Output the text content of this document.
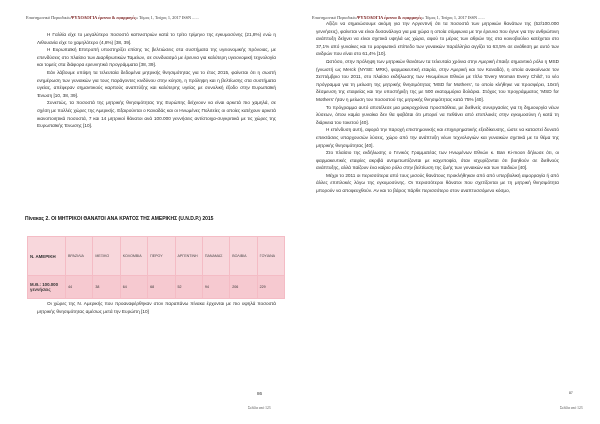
Επιστημονικό Περιοδικό«ΨΥΧΟΛΟΓΙΑ έρευνα & εφαρμογές» Τόμος 1, Τεύχος 1, 2017 ISSN ......

Η Γαλλία είχε το μεγαλύτερο ποσοστό καπνιστριών κατά το τρίτο τρίμηνο της εγκυμοσύνης (21,8%) ενώ η Λιθουανία είχε το χαμηλότερο (4,8%) [38, 39].

Η Ευρωπαϊκή Επιτροπή υποστηρίζει επίσης τις βελτιώσεις στα συστήματα της υγειονομικής πρόνοιας, με επενδύσεις στο πλαίσιο των Διαρθρωτικών Ταμείων, σε συνδυασμό με έρευνα για καλύτερη υγειονομική τεχνολογία και τομείς στα διάφορα ερευνητικά προγράμματα [38, 39].

Εάν λάβουμε υπόψη τα τελευταία δεδομένα μητρικής θνησιμότητας για το έτος 2015, φαίνεται ότι η σωστή ενημέρωση των γυναικών για τους παράγοντες κινδύνου στην κύηση, η πρόληψη και η βελτίωσης στα συστήματα υγείας, απέφεραν σημαντικούς καρπούς αναπτύξης και καλύτερης υγείας με συνολική έξοδο στην Ευρωπαϊκή Ένωση [10, 38, 39].

Συνεπώς, τα ποσοστά της μητρικής θνησιμότητας της Ευρώπης δείχνουν να είναι αρκετά πιο χαμηλά, σε σχέση με πολλές χώρες της Αμερικής. Εξαιρούνται ο Καναδάς και οι Ηνωμένες Πολιτείες οι οποίες κατέχουν αρκετά ικανοποιητικά ποσοστά, 7 και 14 μητρικοί θάνατοι ανά 100.000 γεννήσεις αντίστοιχα-συγκριτικά με τις χώρες της Ευρωπαϊκής Ένωσης [10].

Πίνακας 2. ΟΙ ΜΗΤΡΙΚΟΙ ΘΑΝΑΤΟΙ ΑΝΑ ΚΡΑΤΟΣ ΤΗΣ ΑΜΕΡΙΚΗΣ (U.N.D.P.) 2015
Ν. ΑΜΕΡΙΚΗ	ΒΡΑΖΙΛΙΑ	ΜΕΞΙΚΟ	ΚΟΛΟΜΒΙΑ	ΠΕΡΟΥ	ΑΡΓΕΝΤΙΝΗ	ΠΑΝΑΜΑΣ	ΒΟΛΙΒΙΑ	ΓΟΥΙΑΝΑ
Μ.Θ.: 100.000 γεννήσεις	44	38	64	68	52	94	206	229

Οι χώρες της Ν. Αμερικής που προαναφέρθηκαν στον παραπάνω πίνακα έρχονται με πιο υψηλά ποσοστά μητρικής θνησιμότητας αμέσως μετά την Ευρώπη [10]

86
Σελίδα από 123
Επιστημονικό Περιοδικό«ΨΥΧΟΛΟΓΙΑ έρευνα & εφαρμογές» Τόμος 1, Τεύχος 1, 2017 ISSN ......

Αξίζει να σημειώσουμε ακόμη για την Αργεντινή ότι τα ποσοστά των μητρικών θανάτων της (52/100.000 γεννήσεις), φαίνεται να είναι δυσανάλογα για μια χώρα η οποία σύμφωνα με την έρευνα που έγινε για την ανθρώπινη ανάπτυξη δείχνει να είναι σχετικά υψηλά ως χώρα, αφού το μέρος των αθρών της στα κοινοβούλιο κατέχεται στο 37,1% από γυναίκες και το μορφωτικό επίπεδο των γυναικών παράλληλα αγγίζει τα 63,5% σε ανάθεση με αυτό των ανδρών που είναι στο 61,4% [10].

Ωστόσο, στην πρόληψη των μητρικών θανάτων τα τελευταία χρόνια στην Αμερική έπαιξε σημαντικό ρόλο η MSD (γνωστή ως Merck (NYSE: MRK), φαρμακευτική εταιρία, στην Αμερική και τον Καναδά), η οποία ανακοίνωσε τον Σεπτέμβριο του 2011, στο πλαίσιο εκδήλωσης των Ηνωμένων Εθνών με τίτλο 'Every Woman Every Child', το νέο πρόγραμμα για τη μείωση της μητρικής θνησιμότητας 'MSD for Mothers', το οποίο κλήθηκε να προσφέρει, 10ετή δέσμευση της εταιρείας και την υποστήριξη της με 500 εκατομμύρια δολάρια. Στόχος του προγράμματος 'MSD for Mothers' ήταν η μείωση του ποσοστού της μητρικής θνησιμότητας κατά 75% [40].

Το πρόγραμμα αυτό αποτέλεσε μια μακροχρόνια προσπάθεια, με διεθνείς συνεργασίες για τη δημιουργία νέων λύσεων, όπου καμία γυναίκα δεν θα φοβάται ότι μπορεί να πεθάνει από επιπλοκές στην εγκυμοσύνη ή κατά τη διάρκεια του τοκετού [40].

Η επένδυση αυτή, αφορά την παροχή επιστημονικής και επιχειρηματικής εξειδίκευσης, ώστε να καταστεί δυνατό επεκτάσεις υπαρχουσών λύσεις, χώρο από την ανάπτυξη νέων τεχνολογιών και γυναικών σχετικά με το θέμα της μητρικής θνησιμότητας [40].

Στο πλαίσιο της εκδήλωσης ο Γενικός Γραμματέας των Ηνωμένων Εθνών κ. Ban Ki-moon δήλωσε ότι, οι φαρμακευτικές εταιρίες ακριβά αντιμετωπίζονται με καχυποψία, όταν ισχυρίζονται ότι βοηθούν σε διεθνούς ανάπτυξης, αλλά παίζουν ένα καίριο ρόλο στην βελτίωση της ζωής των γυναικών και των παιδιών [40].

Μέχρι το 2011 οι περισσότερα από τους μισούς θανάτους προκλήθηκαν από από υπερβολική αιμορραγία ή από άλλες επιπλοκές λόγω της εγκυμοσύνης. Οι περισσότεροι θάνατοι που σχετίζονται με τη μητρική θνησιμότητα μπορούν να αποφευχθούν. Αν και το βάρος πάρθε περισσότερο στον αναπτυσσόμενο κόσμο,

87
Σελίδα από 123
